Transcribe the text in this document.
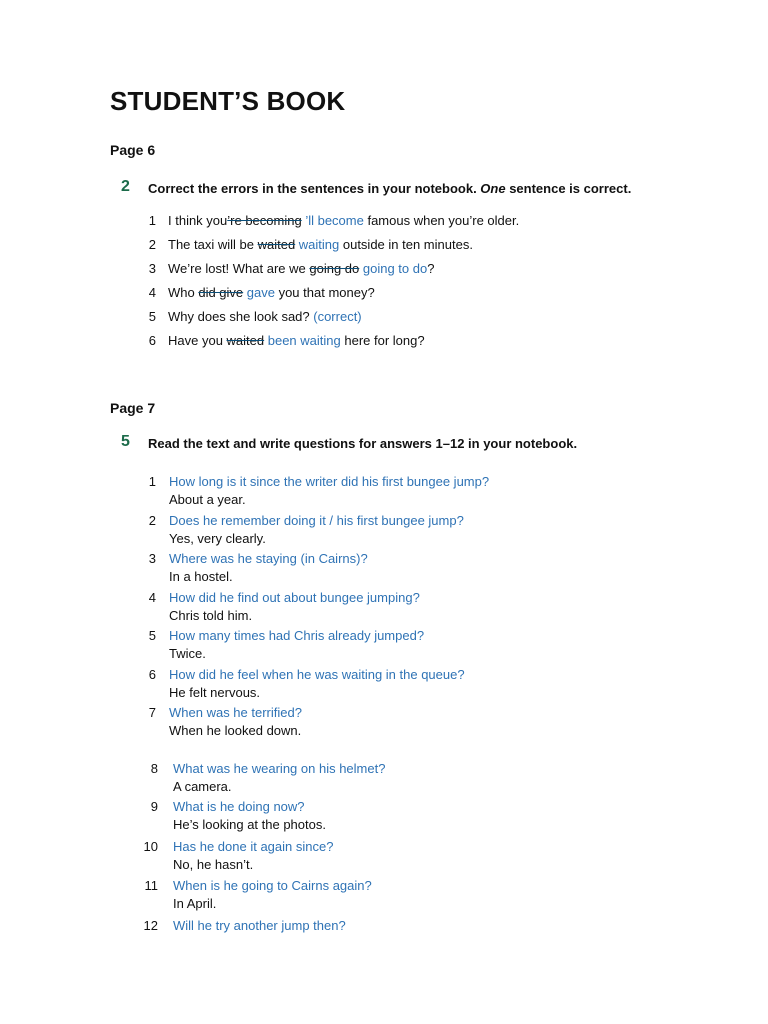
STUDENT’S BOOK
Page 6
2 Correct the errors in the sentences in your notebook. One sentence is correct.
1 I think you’re becoming ’ll become famous when you’re older.
2 The taxi will be waited waiting outside in ten minutes.
3 We’re lost! What are we going do going to do?
4 Who did give gave you that money?
5 Why does she look sad? (correct)
6 Have you waited been waiting here for long?
Page 7
5 Read the text and write questions for answers 1–12 in your notebook.
1 How long is it since the writer did his first bungee jump?
About a year.
2 Does he remember doing it / his first bungee jump?
Yes, very clearly.
3 Where was he staying (in Cairns)?
In a hostel.
4 How did he find out about bungee jumping?
Chris told him.
5 How many times had Chris already jumped?
Twice.
6 How did he feel when he was waiting in the queue?
He felt nervous.
7 When was he terrified?
When he looked down.
8 What was he wearing on his helmet?
A camera.
9 What is he doing now?
He’s looking at the photos.
10 Has he done it again since?
No, he hasn’t.
11 When is he going to Cairns again?
In April.
12 Will he try another jump then?
